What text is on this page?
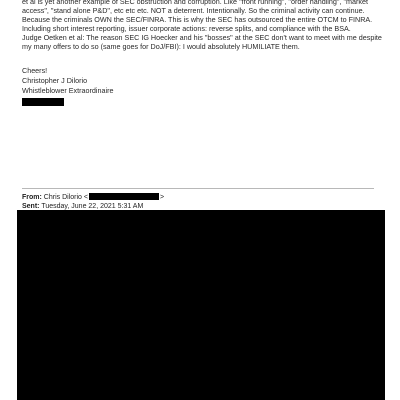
et al is yet another example of SEC obstruction and corruption. Like "front running", "order handling", "market
access", "stand alone P&D", etc etc etc. NOT a deterrent. Intentionally. So the criminal activity can continue.
Because the criminals OWN the SEC/FINRA. This is why the SEC has outsourced the entire OTCM to FINRA.
Including short interest reporting, issuer corporate actions: reverse splits, and compliance with the BSA.
Judge Oetken et al: The reason SEC IG Hoecker and his "bosses" at the SEC don't want to meet with me despite
my many offers to do so (same goes for DoJ/FBI): I would absolutely HUMILIATE them.
Cheers!
Christopher J Dilorio
Whistleblower Extraordinaire
From: Chris Dilorio <	>
Sent: Tuesday, June 22, 2021 5:31 AM
